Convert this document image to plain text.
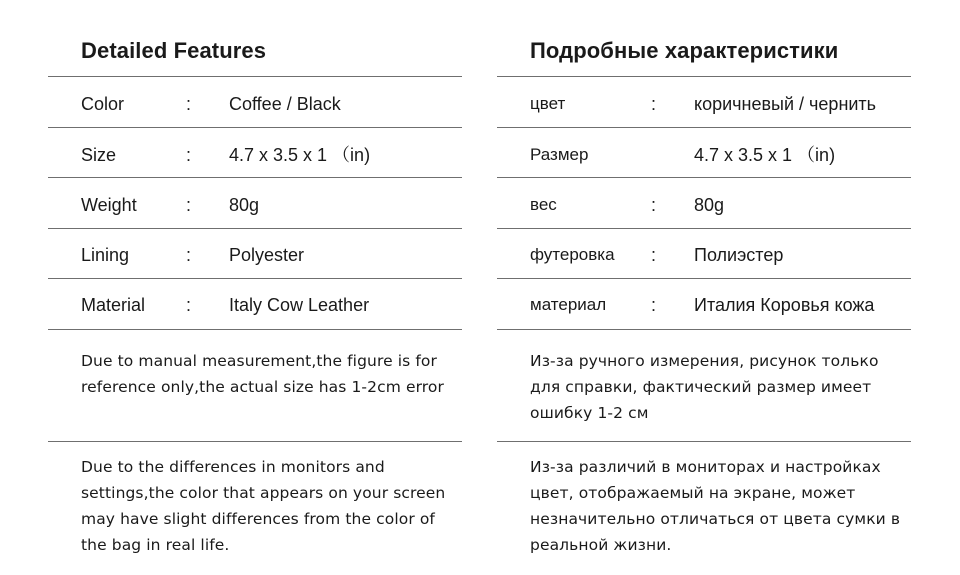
Detailed Features
Color	: Coffee / Black
Size	: 4.7 x 3.5 x 1 （in)
Weight	: 80g
Lining	: Polyester
Material : Italy Cow Leather
Due to manual measurement,the figure is for reference only,the actual size has 1-2cm error
Due to the differences in monitors and settings,the color that appears on your screen may have slight differences from the color of the bag in real life.
Подробные характеристики
цвет	: коричневый / чернить
Размер	4.7 x 3.5 x 1 （in)
вес	: 80g
футеровка : Полиэстер
материал : Италия Коровья кожа
Из-за ручного измерения, рисунок только для справки, фактический размер имеет ошибку 1-2 см
Из-за различий в мониторах и настройках цвет, отображаемый на экране, может незначительно отличаться от цвета сумки в реальной жизни.
